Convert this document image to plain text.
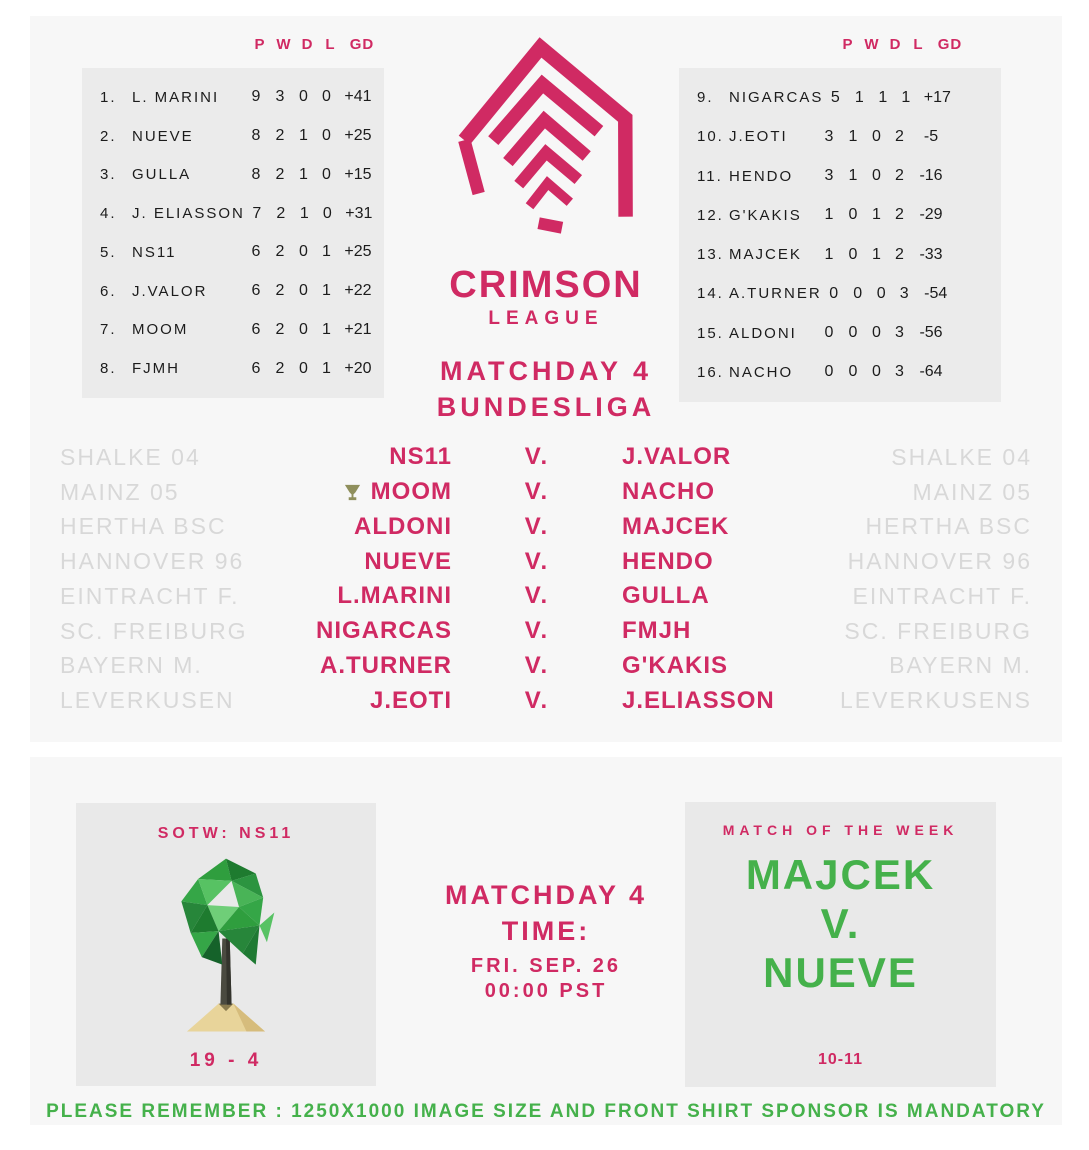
P W D L GD	P W D L GD
1.	L. MARINI	9 3 0 0 +41
2.	NUEVE	8 2 1 0 +25
3.	GULLA	8 2 1 0 +15
4.	J. ELIASSON 7 2 1 0 +31
5.	NS11	6 2 0 1 +25
6.	J.VALOR	6 2 0 1 +22
7.	MOOM	6 2 0 1 +21
8.	FJMH	6 2 0 1 +20
9.	NIGARCAS 5 1 1 1 +17
10. J.EOTI	3 1 0 2	-5
11. HENDO	3 1 0 2 -16
12. G'KAKIS	1 0 1 2 -29
13. MAJCEK	1 0 1 2 -33
14. A.TURNER 0 0 0 3 -54
15. ALDONI	0 0 0 3 -56
16. NACHO	0 0 0 3 -64
CRIMSON
LEAGUE
MATCHDAY 4
BUNDESLIGA
SHALKE 04	NS11	V.	J.VALOR	SHALKE 04
MAINZ 05	MOOM	V.	NACHO	MAINZ 05
HERTHA BSC	ALDONI	V.	MAJCEK	HERTHA BSC
HANNOVER 96	NUEVE	V.	HENDO	HANNOVER 96
EINTRACHT F.	L.MARINI	V.	GULLA	EINTRACHT F.
SC. FREIBURG	NIGARCAS	V.	FMJH	SC. FREIBURG
BAYERN M.	A.TURNER	V.	G'KAKIS	BAYERN M.
LEVERKUSEN	J.EOTI	V.	J.ELIASSON	LEVERKUSENS
SOTW: NS11
19 - 4
MATCHDAY 4
TIME:
FRI. SEP. 26
00:00 PST
MATCH OF THE WEEK
MAJCEK
V.
NUEVE
10-11
PLEASE REMEMBER : 1250X1000 IMAGE SIZE AND FRONT SHIRT SPONSOR IS MANDATORY
